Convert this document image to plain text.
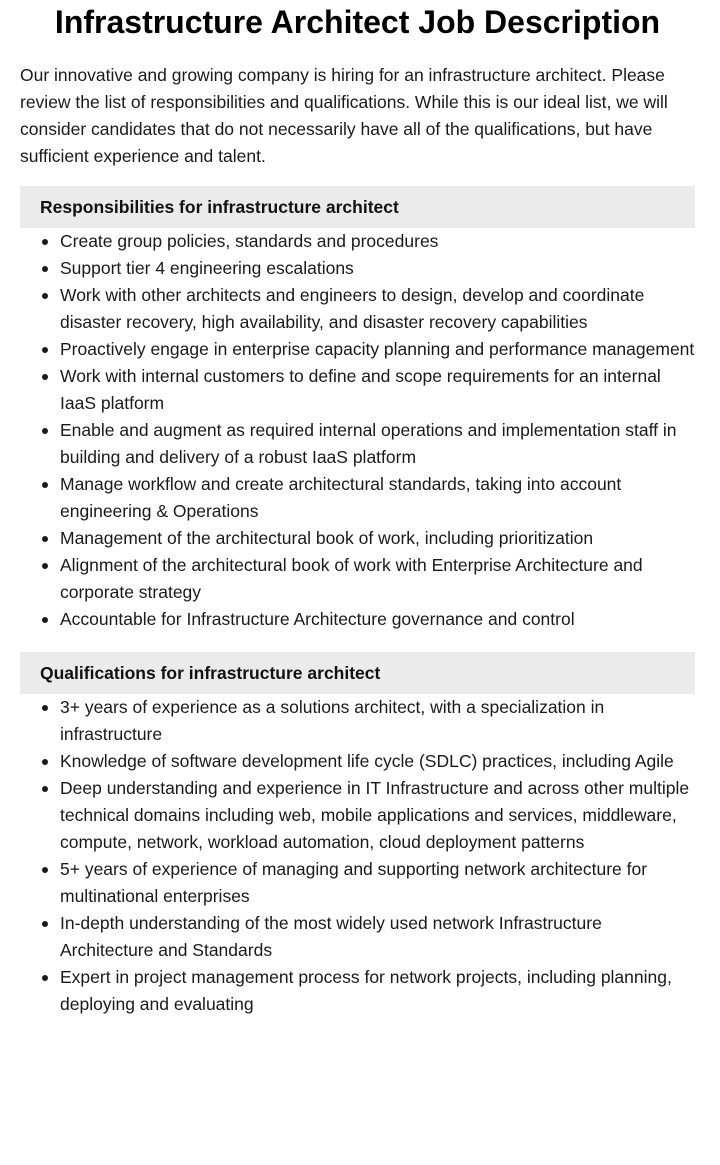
Infrastructure Architect Job Description

Our innovative and growing company is hiring for an infrastructure architect. Please review the list of responsibilities and qualifications. While this is our ideal list, we will consider candidates that do not necessarily have all of the qualifications, but have sufficient experience and talent.

Responsibilities for infrastructure architect
Create group policies, standards and procedures
Support tier 4 engineering escalations
Work with other architects and engineers to design, develop and coordinate disaster recovery, high availability, and disaster recovery capabilities
Proactively engage in enterprise capacity planning and performance management
Work with internal customers to define and scope requirements for an internal IaaS platform
Enable and augment as required internal operations and implementation staff in building and delivery of a robust IaaS platform
Manage workflow and create architectural standards, taking into account engineering & Operations
Management of the architectural book of work, including prioritization
Alignment of the architectural book of work with Enterprise Architecture and corporate strategy
Accountable for Infrastructure Architecture governance and control
Qualifications for infrastructure architect
3+ years of experience as a solutions architect, with a specialization in infrastructure
Knowledge of software development life cycle (SDLC) practices, including Agile
Deep understanding and experience in IT Infrastructure and across other multiple technical domains including web, mobile applications and services, middleware, compute, network, workload automation, cloud deployment patterns
5+ years of experience of managing and supporting network architecture for multinational enterprises
In-depth understanding of the most widely used network Infrastructure Architecture and Standards
Expert in project management process for network projects, including planning, deploying and evaluating
